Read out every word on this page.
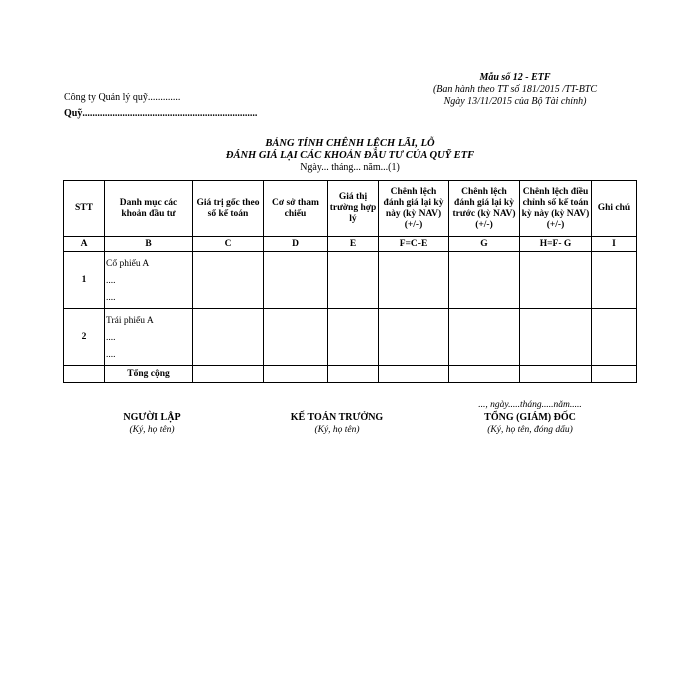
Công ty Quản lý quỹ.............
Quỹ......................................................................
Mẫu số 12 - ETF
(Ban hành theo TT số 181/2015 /TT-BTC
Ngày 13/11/2015 của Bộ Tài chính)
BẢNG TÍNH CHÊNH LỆCH LÃI, LỖ
ĐÁNH GIÁ LẠI CÁC KHOẢN ĐẦU TƯ CỦA QUỸ ETF
Ngày... tháng... năm...(1)
STT	Danh mục các khoản đầu tư	Giá trị gốc theo sổ kế toán	Cơ sở tham chiếu	Giá thị trường hợp lý	Chênh lệch đánh giá lại kỳ này (kỳ NAV) (+/-)	Chênh lệch đánh giá lại kỳ trước (kỳ NAV)(+/-)	Chênh lệch điều chỉnh số kế toán kỳ này (kỳ NAV) (+/-)	Ghi chú
A	B	C	D	E	F=C-E	G	H=F- G	I
1	Cổ phiếu A
....
....							

2	Trái phiếu A
....
....							

	Tổng cộng							
..., ngày.....tháng.....năm.....
NGƯỜI LẬP
(Ký, họ tên)
KẾ TOÁN TRƯỞNG
(Ký, họ tên)
TỔNG (GIÁM) ĐỐC
(Ký, họ tên, đóng dấu)
